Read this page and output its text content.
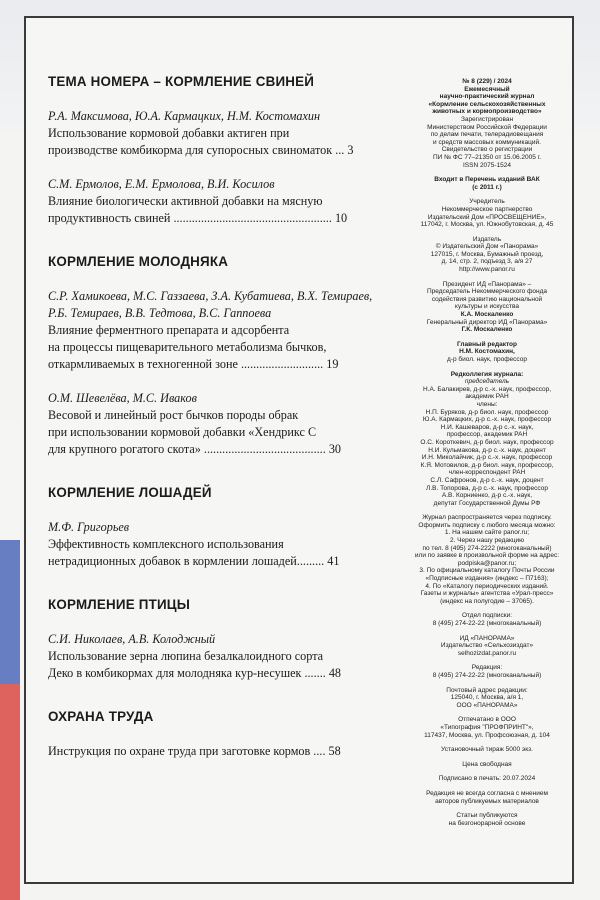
ТЕМА НОМЕРА – КОРМЛЕНИЕ СВИНЕЙ
Р.А. Максимова, Ю.А. Кармацких, Н.М. Костомахин
Использование кормовой добавки актиген при
производстве комбикорма для супоросных свиноматок ... 3
С.М. Ермолов, Е.М. Ермолова, В.И. Косилов
Влияние биологически активной добавки на мясную
продуктивность свиней .................................................... 10
КОРМЛЕНИЕ МОЛОДНЯКА
С.Р. Хамикоева, М.С. Газзаева, З.А. Кубатиева, В.Х. Темираев, Р.Б. Темираев, В.В. Тедтова, В.С. Гаппоева
Влияние ферментного препарата и адсорбента
на процессы пищеварительного метаболизма бычков,
откармливаемых в техногенной зоне ........................... 19
О.М. Шевелёва, М.С. Иваков
Весовой и линейный рост бычков породы обрак
при использовании кормовой добавки «Хендрикс С
для крупного рогатого скота» ........................................ 30
КОРМЛЕНИЕ ЛОШАДЕЙ
М.Ф. Григорьев
Эффективность комплексного использования
нетрадиционных добавок в кормлении лошадей......... 41
КОРМЛЕНИЕ ПТИЦЫ
С.И. Николаев, А.В. Колоджный
Использование зерна люпина безалкалоидного сорта
Деко в комбикормах для молодняка кур-несушек ....... 48
ОХРАНА ТРУДА
Инструкция по охране труда при заготовке кормов .... 58
№ 8 (229) / 2024
Ежемесячный
научно-практический журнал
«Кормление сельскохозяйственных
животных и кормопроизводство»
Зарегистрирован
Министерством Российской Федерации
по делам печати, телерадиовещания
и средств массовых коммуникаций.
Свидетельство о регистрации
ПИ № ФС 77–21350 от 15.06.2005 г.
ISSN 2075-1524
Входит в Перечень изданий ВАК
(с 2011 г.)
Учредитель
Некоммерческое партнерство
Издательский Дом «ПРОСВЕЩЕНИЕ»,
117042, г. Москва, ул. Южнобутовская, д. 45
Издатель
© Издательский Дом «Панорама»
127015, г. Москва, Бумажный проезд,
д. 14, стр. 2, подъезд 3, а/я 27
http://www.panor.ru
Президент ИД «Панорама» –
Председатель Некоммерческого фонда
содействия развитию национальной
культуры и искусства
К.А. Москаленко
Генеральный директор ИД «Панорама»
Г.К. Москаленко
Главный редактор
Н.М. Костомахин,
д-р биол. наук, профессор
Редколлегия журнала:
председатель
Н.А. Балакирев, д-р с.-х. наук, профессор,
академик РАН
члены:
Н.П. Буряков, д-р биол. наук, профессор
Ю.А. Кармацких, д-р с.-х. наук, профессор
Н.И. Кашеваров, д-р с.-х. наук,
профессор, академик РАН
О.С. Короткевич, д-р биол. наук, профессор
Н.И. Кульмакова, д-р с.-х. наук, доцент
И.Н. Миколайчик, д-р с.-х. наук, профессор
К.Я. Мотовилов, д-р биол. наук, профессор,
член-корреспондент РАН
С.Л. Сафронов, д-р с.-х. наук, доцент
Л.В. Топорова, д-р с.-х. наук, профессор
А.В. Корниенко, д-р с.-х. наук,
депутат Государственной Думы РФ
Журнал распространяется через подписку.
Оформить подписку с любого месяца можно:
1. На нашем сайте panor.ru;
2. Через нашу редакцию
по тел. 8 (495) 274-2222 (многоканальный)
или по заявке в произвольной форме на адрес:
podpiska@panor.ru;
3. По официальному каталогу Почты России
«Подписные издания» (индекс – П7163);
4. По «Каталогу периодических изданий.
Газеты и журналы» агентства «Урал-пресс»
(индекс на полугодие – 37065).
Отдел подписки:
8 (495) 274-22-22 (многоканальный)
ИД «ПАНОРАМА»
Издательство «Сельхозиздат»
selhozizdat.panor.ru
Редакция:
8 (495) 274-22-22 (многоканальный)
Почтовый адрес редакции:
125040, г. Москва, а/я 1,
ООО «ПАНОРАМА»
Отпечатано в ООО
«Типография "ПРОФПРИНТ"»,
117437, Москва, ул. Профсоюзная, д. 104
Установочный тираж 5000 экз.
Цена свободная
Подписано в печать: 20.07.2024
Редакция не всегда согласна с мнением
авторов публикуемых материалов
Статьи публикуются
на безгонорарной основе
